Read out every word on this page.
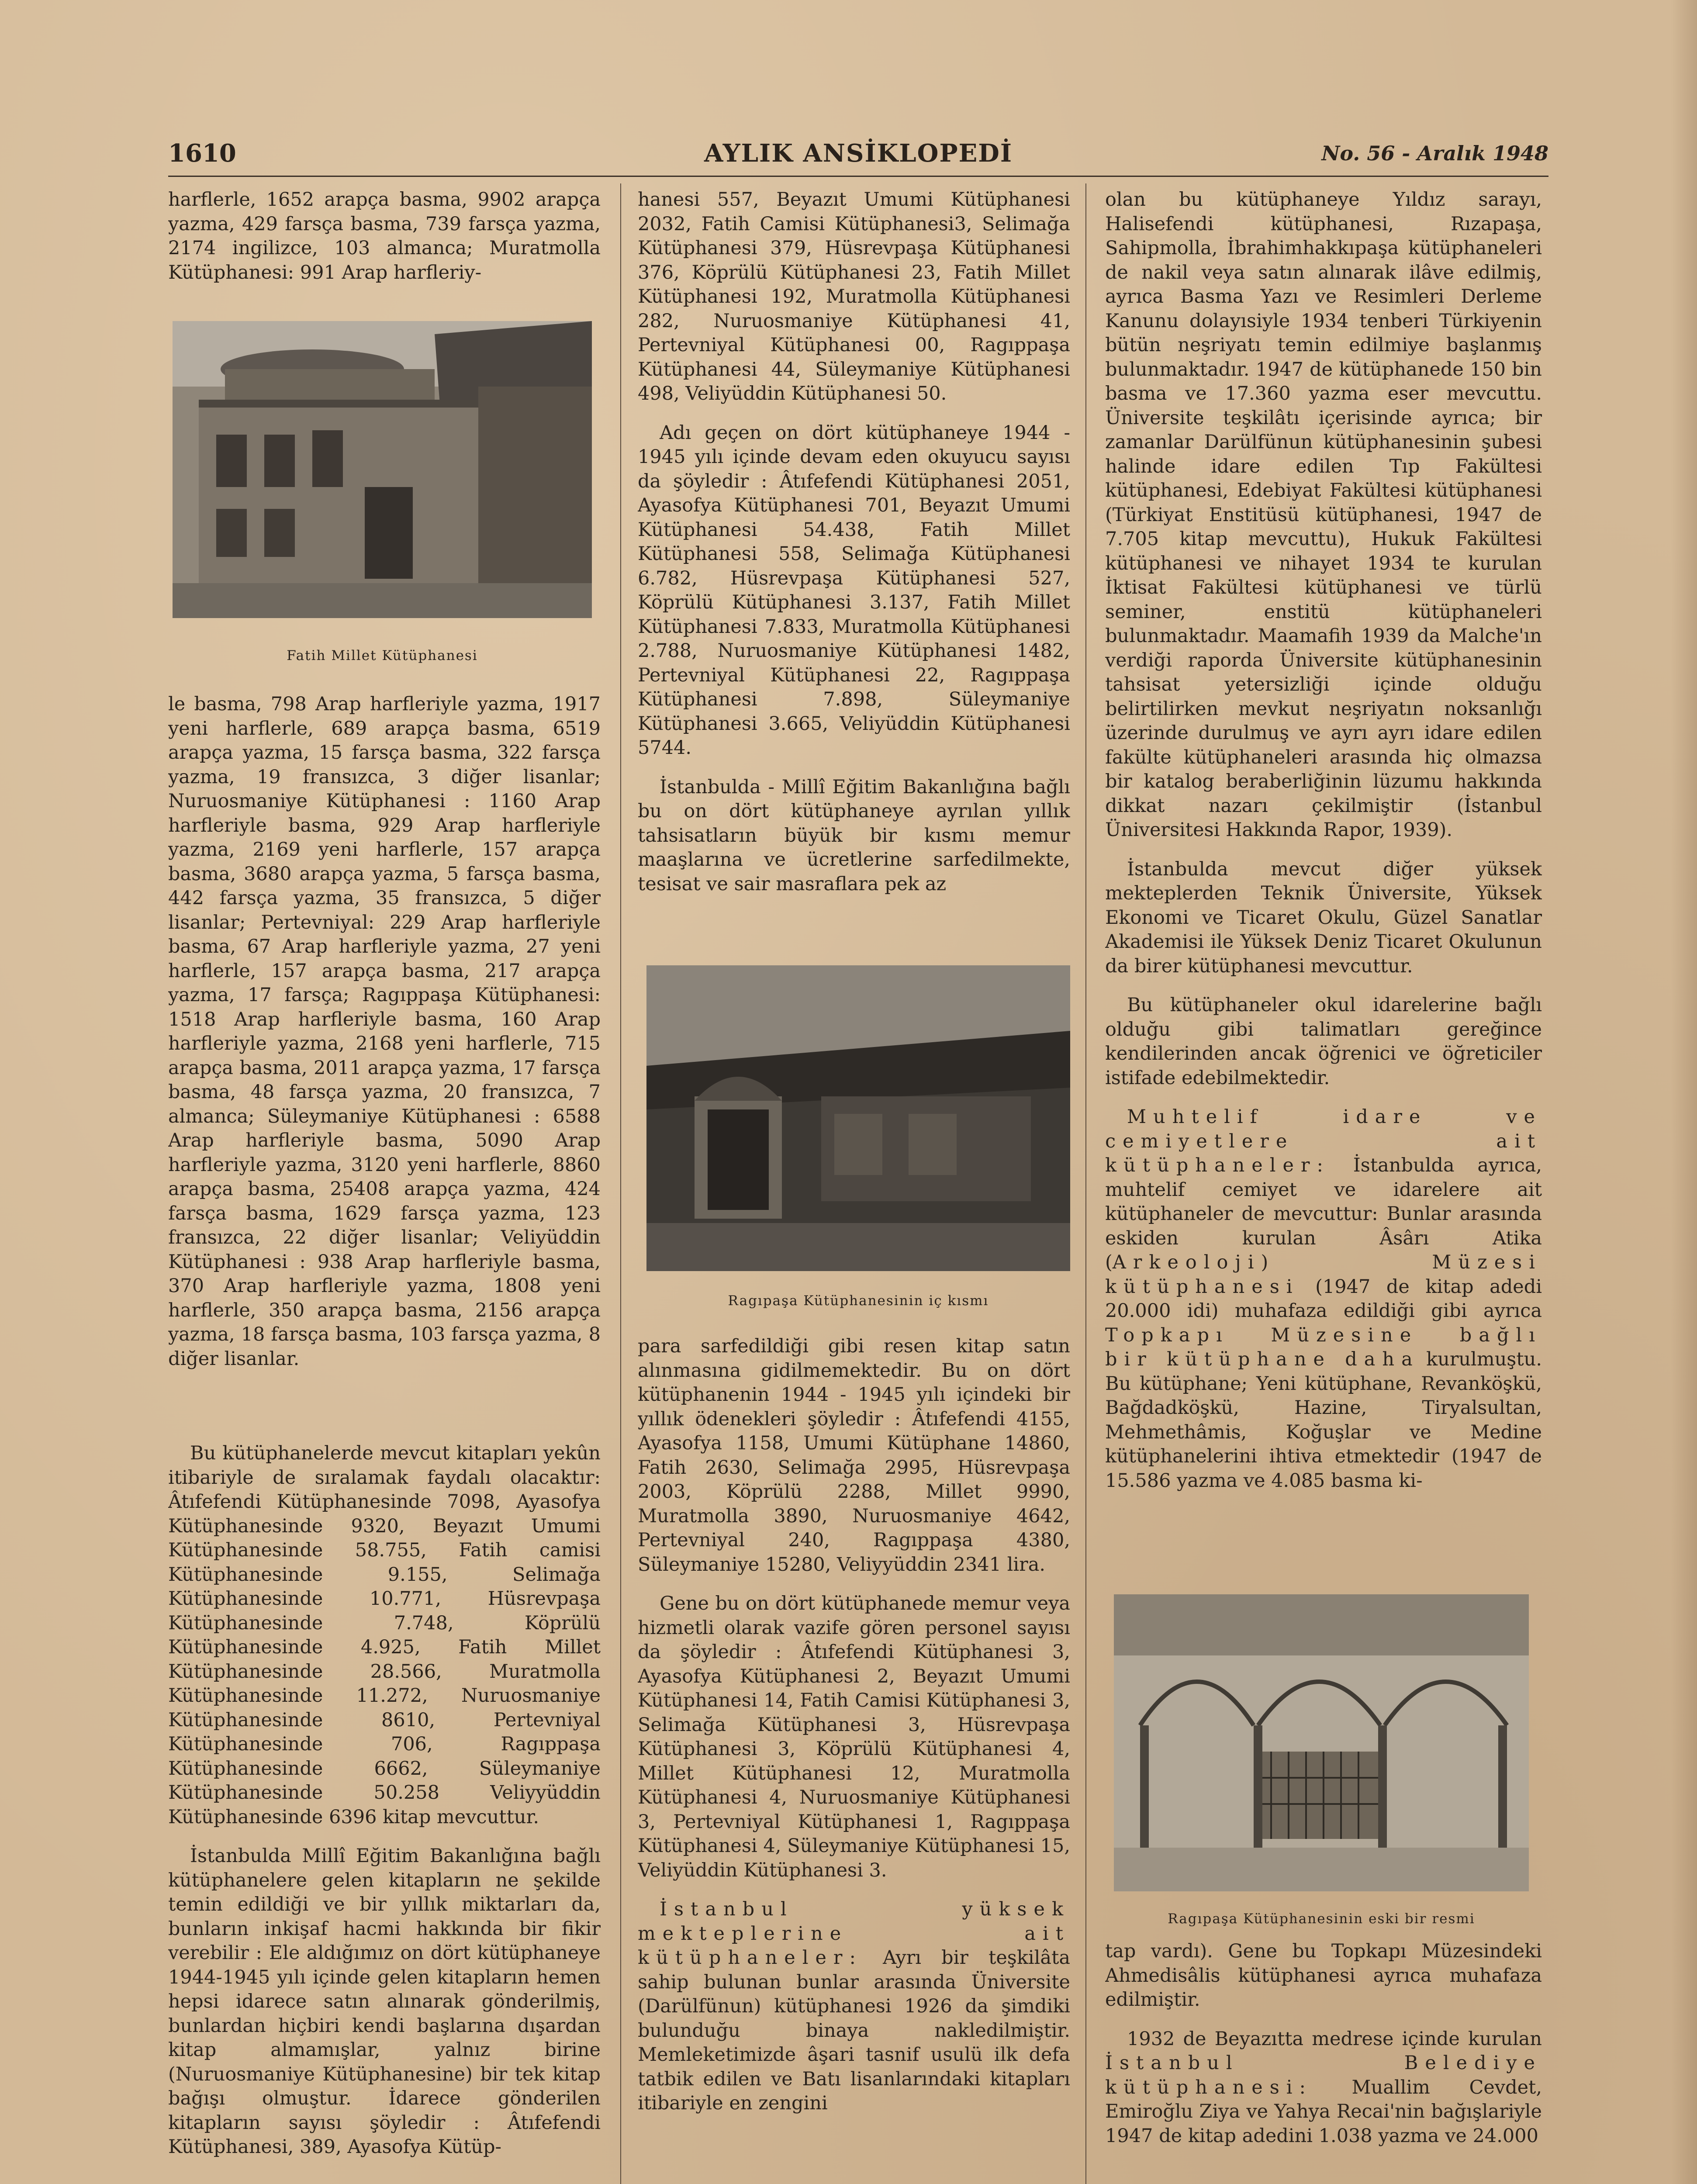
1610	AYLIK ANSİKLOPEDİ	No. 56 - Aralık 1948
Fatih Millet Kütüphanesi
Ragıpaşa Kütüphanesinin iç kısmı
Ragıpaşa Kütüphanesinin eski bir resmi

harflerle, 1652 arapça basma, 9902 arapça yazma, 429 farsça basma, 739 farsça yazma, 2174 ingilizce, 103 almanca; Muratmolla Kütüphanesi: 991 Arap harfleriy-

le basma, 798 Arap harfleriyle yazma, 1917 yeni harflerle, 689 arapça basma, 6519 arapça yazma, 15 farsça basma, 322 farsça yazma, 19 fransızca, 3 diğer lisanlar; Nuruosmaniye Kütüphanesi : 1160 Arap harfleriyle basma, 929 Arap harfleriyle yazma, 2169 yeni harflerle, 157 arapça basma, 3680 arapça yazma, 5 farsça basma, 442 farsça yazma, 35 fransızca, 5 diğer lisanlar; Pertevniyal: 229 Arap harfleriyle basma, 67 Arap harfleriyle yazma, 27 yeni harflerle, 157 arapça basma, 217 arapça yazma, 17 farsça; Ragıppaşa Kütüphanesi: 1518 Arap harfleriyle basma, 160 Arap harfleriyle yazma, 2168 yeni harflerle, 715 arapça basma, 2011 arapça yazma, 17 farsça basma, 48 farsça yazma, 20 fransızca, 7 almanca; Süleymaniye Kütüphanesi : 6588 Arap harfleriyle basma, 5090 Arap harfleriyle yazma, 3120 yeni harflerle, 8860 arapça basma, 25408 arapça yazma, 424 farsça basma, 1629 farsça yazma, 123 fransızca, 22 diğer lisanlar; Veliyüddin Kütüphanesi : 938 Arap harfleriyle basma, 370 Arap harfleriyle yazma, 1808 yeni harflerle, 350 arapça basma, 2156 arapça yazma, 18 farsça basma, 103 farsça yazma, 8 diğer lisanlar.

Bu kütüphanelerde mevcut kitapları yekûn itibariyle de sıralamak faydalı olacaktır: Âtıfefendi Kütüphanesinde 7098, Ayasofya Kütüphanesinde 9320, Beyazıt Umumi Kütüphanesinde 58.755, Fatih camisi Kütüphanesinde 9.155, Selimağa Kütüphanesinde 10.771, Hüsrevpaşa Kütüphanesinde 7.748, Köprülü Kütüphanesinde 4.925, Fatih Millet Kütüphanesinde 28.566, Muratmolla Kütüphanesinde 11.272, Nuruosmaniye Kütüphanesinde 8610, Pertevniyal Kütüphanesinde 706, Ragıppaşa Kütüphanesinde 6662, Süleymaniye Kütüphanesinde 50.258 Veliyyüddin Kütüphanesinde 6396 kitap mevcuttur.

İstanbulda Millî Eğitim Bakanlığına bağlı kütüphanelere gelen kitapların ne şekilde temin edildiği ve bir yıllık miktarları da, bunların inkişaf hacmi hakkında bir fikir verebilir : Ele aldığımız on dört kütüphaneye 1944-1945 yılı içinde gelen kitapların hemen hepsi idarece satın alınarak gönderilmiş, bunlardan hiçbiri kendi başlarına dışardan kitap almamışlar, yalnız birine (Nuruosmaniye Kütüphanesine) bir tek kitap bağışı olmuştur. İdarece gönderilen kitapların sayısı şöyledir : Âtıfefendi Kütüphanesi, 389, Ayasofya Kütüp-

hanesi 557, Beyazıt Umumi Kütüphanesi 2032, Fatih Camisi Kütüphanesi3, Selimağa Kütüphanesi 379, Hüsrevpaşa Kütüphanesi 376, Köprülü Kütüphanesi 23, Fatih Millet Kütüphanesi 192, Muratmolla Kütüphanesi 282, Nuruosmaniye Kütüphanesi 41, Pertevniyal Kütüphanesi 00, Ragıppaşa Kütüphanesi 44, Süleymaniye Kütüphanesi 498, Veliyüddin Kütüphanesi 50.

Adı geçen on dört kütüphaneye 1944 - 1945 yılı içinde devam eden okuyucu sayısı da şöyledir : Âtıfefendi Kütüphanesi 2051, Ayasofya Kütüphanesi 701, Beyazıt Umumi Kütüphanesi 54.438, Fatih Millet Kütüphanesi 558, Selimağa Kütüphanesi 6.782, Hüsrevpaşa Kütüphanesi 527, Köprülü Kütüphanesi 3.137, Fatih Millet Kütüphanesi 7.833, Muratmolla Kütüphanesi 2.788, Nuruosmaniye Kütüphanesi 1482, Pertevniyal Kütüphanesi 22, Ragıppaşa Kütüphanesi 7.898, Süleymaniye Kütüphanesi 3.665, Veliyüddin Kütüphanesi 5744.

İstanbulda - Millî Eğitim Bakanlığına bağlı bu on dört kütüphaneye ayrılan yıllık tahsisatların büyük bir kısmı memur maaşlarına ve ücretlerine sarfedilmekte, tesisat ve sair masraflara pek az

para sarfedildiği gibi resen kitap satın alınmasına gidilmemektedir. Bu on dört kütüphanenin 1944 - 1945 yılı içindeki bir yıllık ödenekleri şöyledir : Âtıfefendi 4155, Ayasofya 1158, Umumi Kütüphane 14860, Fatih 2630, Selimağa 2995, Hüsrevpaşa 2003, Köprülü 2288, Millet 9990, Muratmolla 3890, Nuruosmaniye 4642, Pertevniyal 240, Ragıppaşa 4380, Süleymaniye 15280, Veliyyüddin 2341 lira.

Gene bu on dört kütüphanede memur veya hizmetli olarak vazife gören personel sayısı da şöyledir : Âtıfefendi Kütüphanesi 3, Ayasofya Kütüphanesi 2, Beyazıt Umumi Kütüphanesi 14, Fatih Camisi Kütüphanesi 3, Selimağa Kütüphanesi 3, Hüsrevpaşa Kütüphanesi 3, Köprülü Kütüphanesi 4, Millet Kütüphanesi 12, Muratmolla Kütüphanesi 4, Nuruosmaniye Kütüphanesi 3, Pertevniyal Kütüphanesi 1, Ragıppaşa Kütüphanesi 4, Süleymaniye Kütüphanesi 15, Veliyüddin Kütüphanesi 3.

İstanbul yüksek mekteplerine ait kütüphaneler: Ayrı bir teşkilâta sahip bulunan bunlar arasında Üniversite (Darülfünun) kütüphanesi 1926 da şimdiki bulunduğu binaya nakledilmiştir. Memleketimizde âşari tasnif usulü ilk defa tatbik edilen ve Batı lisanlarındaki kitapları itibariyle en zengini

olan bu kütüphaneye Yıldız sarayı, Halisefendi kütüphanesi, Rızapaşa, Sahipmolla, İbrahimhakkıpaşa kütüphaneleri de nakil veya satın alınarak ilâve edilmiş, ayrıca Basma Yazı ve Resimleri Derleme Kanunu dolayısiyle 1934 tenberi Türkiyenin bütün neşriyatı temin edilmiye başlanmış bulunmaktadır. 1947 de kütüphanede 150 bin basma ve 17.360 yazma eser mevcuttu. Üniversite teşkilâtı içerisinde ayrıca; bir zamanlar Darülfünun kütüphanesinin şubesi halinde idare edilen Tıp Fakültesi kütüphanesi, Edebiyat Fakültesi kütüphanesi (Türkiyat Enstitüsü kütüphanesi, 1947 de 7.705 kitap mevcuttu), Hukuk Fakültesi kütüphanesi ve nihayet 1934 te kurulan İktisat Fakültesi kütüphanesi ve türlü seminer, enstitü kütüphaneleri bulunmaktadır. Maamafih 1939 da Malche'ın verdiği raporda Üniversite kütüphanesinin tahsisat yetersizliği içinde olduğu belirtilirken mevkut neşriyatın noksanlığı üzerinde durulmuş ve ayrı ayrı idare edilen fakülte kütüphaneleri arasında hiç olmazsa bir katalog beraberliğinin lüzumu hakkında dikkat nazarı çekilmiştir (İstanbul Üniversitesi Hakkında Rapor, 1939).

İstanbulda mevcut diğer yüksek mekteplerden Teknik Üniversite, Yüksek Ekonomi ve Ticaret Okulu, Güzel Sanatlar Akademisi ile Yüksek Deniz Ticaret Okulunun da birer kütüphanesi mevcuttur.

Bu kütüphaneler okul idarelerine bağlı olduğu gibi talimatları gereğince kendilerinden ancak öğrenici ve öğreticiler istifade edebilmektedir.

Muhtelif idare ve cemiyetlere ait kütüphaneler: İstanbulda ayrıca, muhtelif cemiyet ve idarelere ait kütüphaneler de mevcuttur: Bunlar arasında eskiden kurulan Âsârı Atika (Arkeoloji) Müzesi kütüphanesi (1947 de kitap adedi 20.000 idi) muhafaza edildiği gibi ayrıca Topkapı Müzesine bağlı bir kütüphane daha kurulmuştu. Bu kütüphane; Yeni kütüphane, Revanköşkü, Bağdadköşkü, Hazine, Tiryalsultan, Mehmethâmis, Koğuşlar ve Medine kütüphanelerini ihtiva etmektedir (1947 de 15.586 yazma ve 4.085 basma ki-

tap vardı). Gene bu Topkapı Müzesindeki Ahmedisâlis kütüphanesi ayrıca muhafaza edilmiştir.

1932 de Beyazıtta medrese içinde kurulan İstanbul Belediye kütüphanesi: Muallim Cevdet, Emiroğlu Ziya ve Yahya Recai'nin bağışlariyle 1947 de kitap adedini 1.038 yazma ve 24.000
